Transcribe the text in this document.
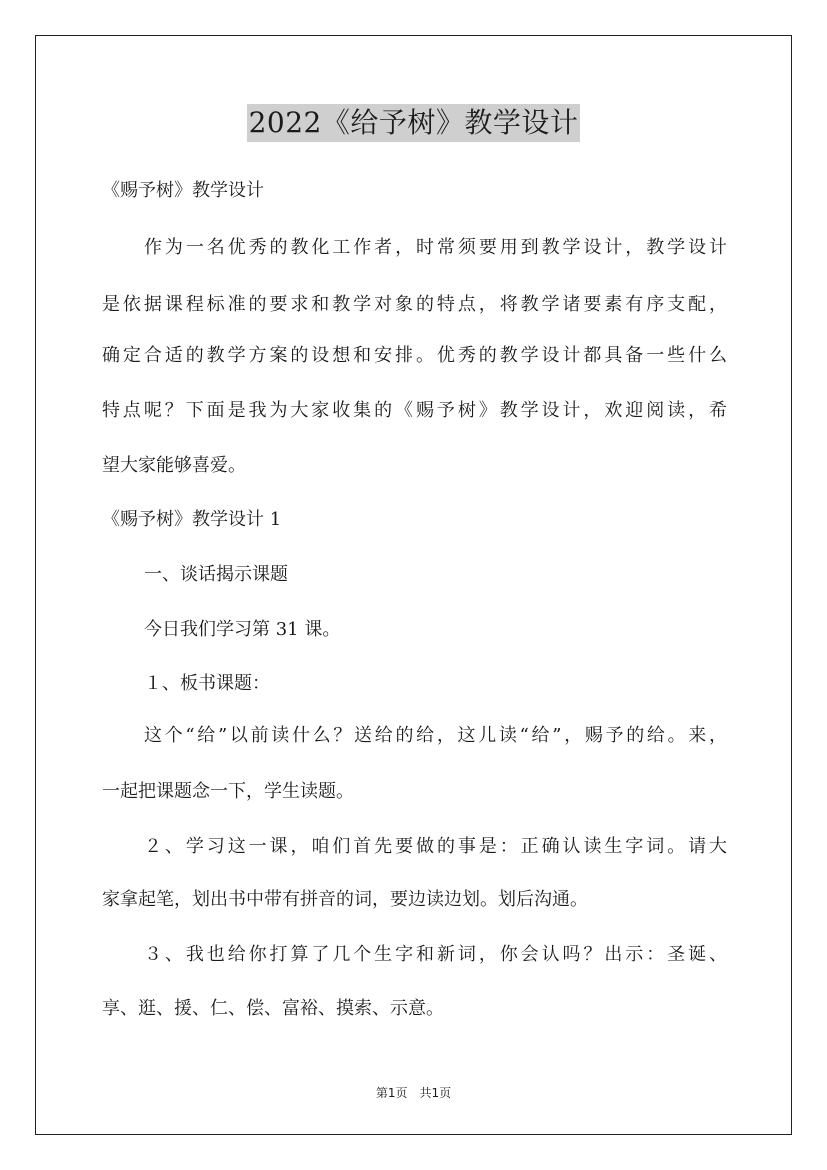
2022《给予树》教学设计
《赐予树》教学设计
作为一名优秀的教化工作者，时常须要用到教学设计，教学设计
是依据课程标准的要求和教学对象的特点，将教学诸要素有序支配，
确定合适的教学方案的设想和安排。优秀的教学设计都具备一些什么
特点呢？下面是我为大家收集的《赐予树》教学设计，欢迎阅读，希
望大家能够喜爱。
《赐予树》教学设计 1
一、谈话揭示课题
今日我们学习第 31 课。
１、板书课题：
这个“给”以前读什么？送给的给，这儿读“给”，赐予的给。来，
一起把课题念一下，学生读题。
２、学习这一课，咱们首先要做的事是：正确认读生字词。请大
家拿起笔，划出书中带有拼音的词，要边读边划。划后沟通。
３、我也给你打算了几个生字和新词，你会认吗？出示：圣诞、
享、逛、援、仁、偿、富裕、摸索、示意。
第1页　共1页
